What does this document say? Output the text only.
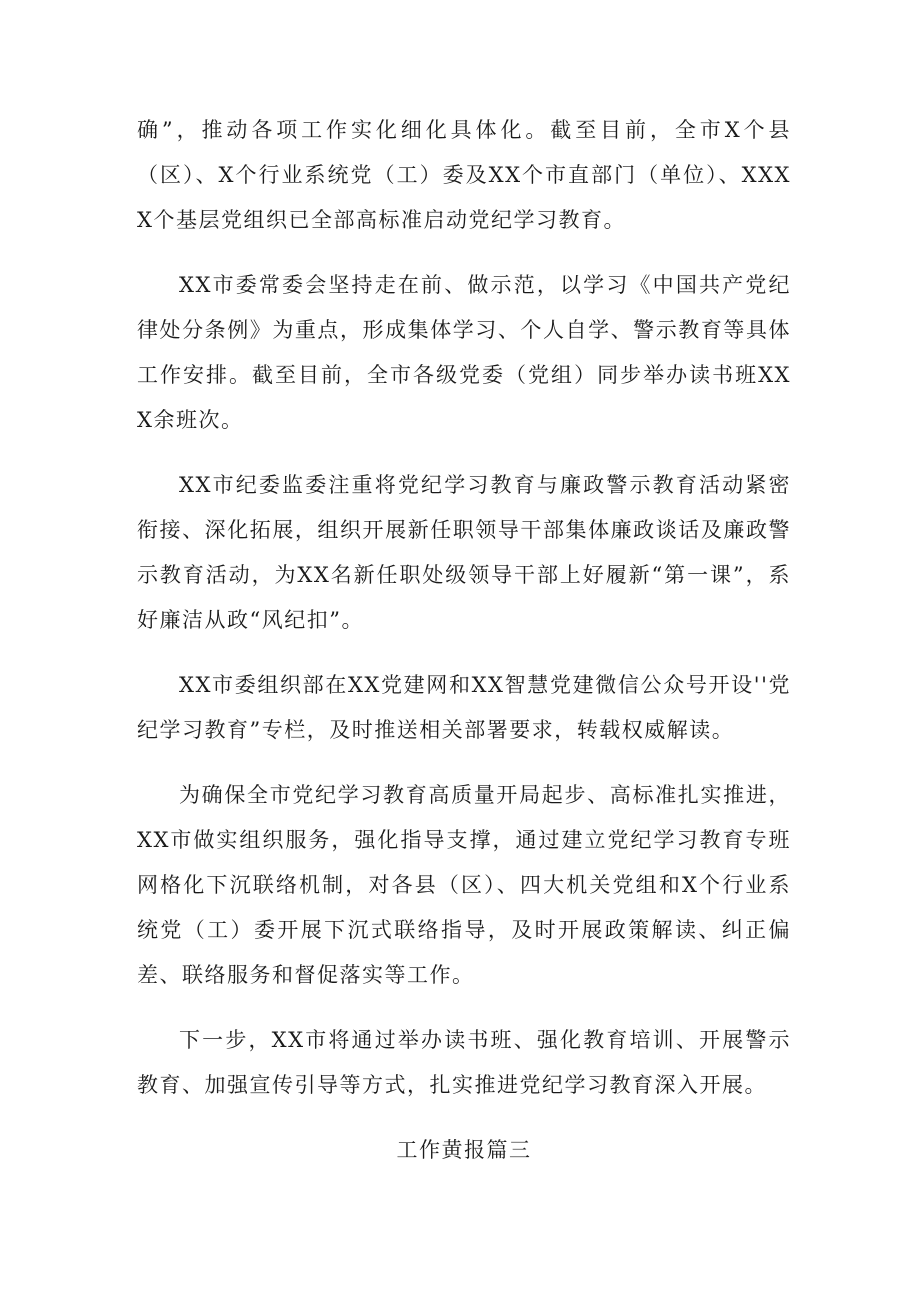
确”，推动各项工作实化细化具体化。截至目前，全市X个县（区）、X个行业系统党（工）委及XX个市直部门（单位）、XXXX个基层党组织已全部高标准启动党纪学习教育。

XX市委常委会坚持走在前、做示范，以学习《中国共产党纪律处分条例》为重点，形成集体学习、个人自学、警示教育等具体工作安排。截至目前，全市各级党委（党组）同步举办读书班XXX余班次。

XX市纪委监委注重将党纪学习教育与廉政警示教育活动紧密衔接、深化拓展，组织开展新任职领导干部集体廉政谈话及廉政警示教育活动，为XX名新任职处级领导干部上好履新“第一课”，系好廉洁从政“风纪扣”。

XX市委组织部在XX党建网和XX智慧党建微信公众号开设''党纪学习教育”专栏，及时推送相关部署要求，转载权威解读。

为确保全市党纪学习教育高质量开局起步、高标准扎实推进，XX市做实组织服务，强化指导支撑，通过建立党纪学习教育专班网格化下沉联络机制，对各县（区）、四大机关党组和X个行业系统党（工）委开展下沉式联络指导，及时开展政策解读、纠正偏差、联络服务和督促落实等工作。

下一步，XX市将通过举办读书班、强化教育培训、开展警示教育、加强宣传引导等方式，扎实推进党纪学习教育深入开展。

工作黄报篇三
